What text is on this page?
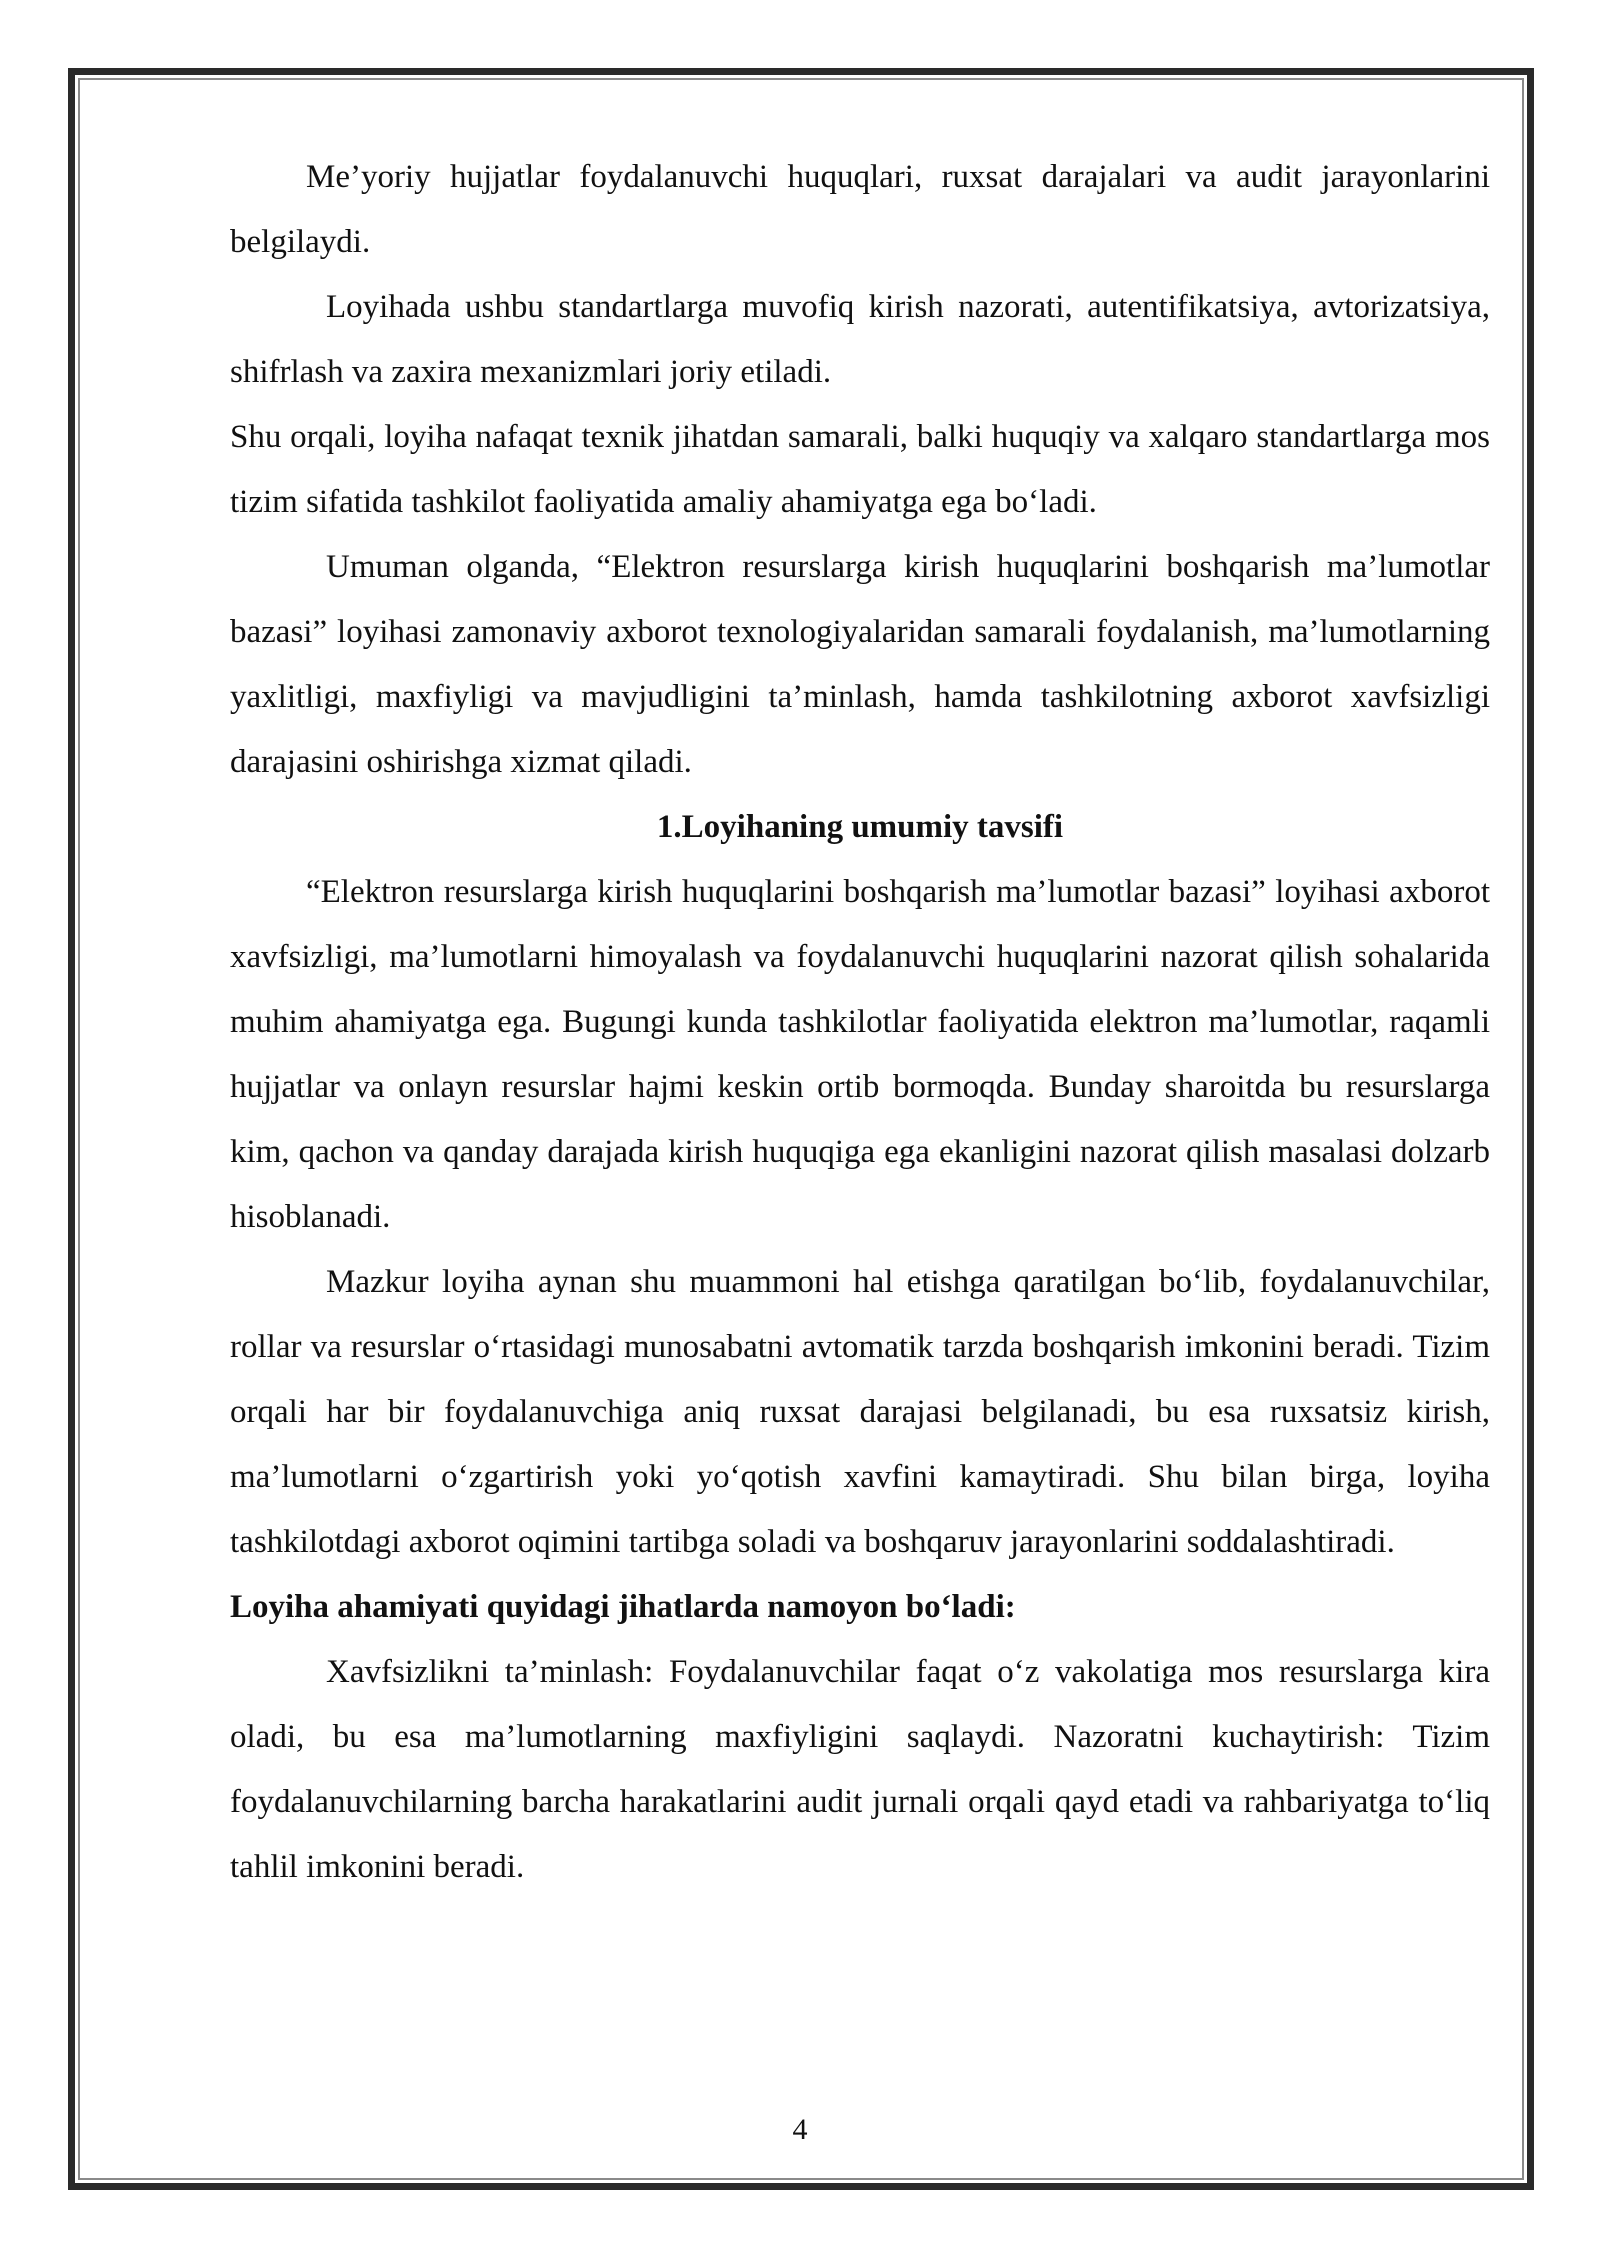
Me’yoriy hujjatlar foydalanuvchi huquqlari, ruxsat darajalari va audit jarayonlarini belgilaydi.

Loyihada ushbu standartlarga muvofiq kirish nazorati, autentifikatsiya, avtorizatsiya, shifrlash va zaxira mexanizmlari joriy etiladi.

Shu orqali, loyiha nafaqat texnik jihatdan samarali, balki huquqiy va xalqaro standartlarga mos tizim sifatida tashkilot faoliyatida amaliy ahamiyatga ega bo‘ladi.

Umuman olganda, “Elektron resurslarga kirish huquqlarini boshqarish ma’lumotlar bazasi” loyihasi zamonaviy axborot texnologiyalaridan samarali foydalanish, ma’lumotlarning yaxlitligi, maxfiyligi va mavjudligini ta’minlash, hamda tashkilotning axborot xavfsizligi darajasini oshirishga xizmat qiladi.

1.Loyihaning umumiy tavsifi

“Elektron resurslarga kirish huquqlarini boshqarish ma’lumotlar bazasi” loyihasi axborot xavfsizligi, ma’lumotlarni himoyalash va foydalanuvchi huquqlarini nazorat qilish sohalarida muhim ahamiyatga ega. Bugungi kunda tashkilotlar faoliyatida elektron ma’lumotlar, raqamli hujjatlar va onlayn resurslar hajmi keskin ortib bormoqda. Bunday sharoitda bu resurslarga kim, qachon va qanday darajada kirish huquqiga ega ekanligini nazorat qilish masalasi dolzarb hisoblanadi.

Mazkur loyiha aynan shu muammoni hal etishga qaratilgan bo‘lib, foydalanuvchilar, rollar va resurslar o‘rtasidagi munosabatni avtomatik tarzda boshqarish imkonini beradi. Tizim orqali har bir foydalanuvchiga aniq ruxsat darajasi belgilanadi, bu esa ruxsatsiz kirish, ma’lumotlarni o‘zgartirish yoki yo‘qotish xavfini kamaytiradi. Shu bilan birga, loyiha tashkilotdagi axborot oqimini tartibga soladi va boshqaruv jarayonlarini soddalashtiradi.

Loyiha ahamiyati quyidagi jihatlarda namoyon bo‘ladi:

Xavfsizlikni ta’minlash: Foydalanuvchilar faqat o‘z vakolatiga mos resurslarga kira oladi, bu esa ma’lumotlarning maxfiyligini saqlaydi. Nazoratni kuchaytirish: Tizim foydalanuvchilarning barcha harakatlarini audit jurnali orqali qayd etadi va rahbariyatga to‘liq tahlil imkonini beradi.

4
